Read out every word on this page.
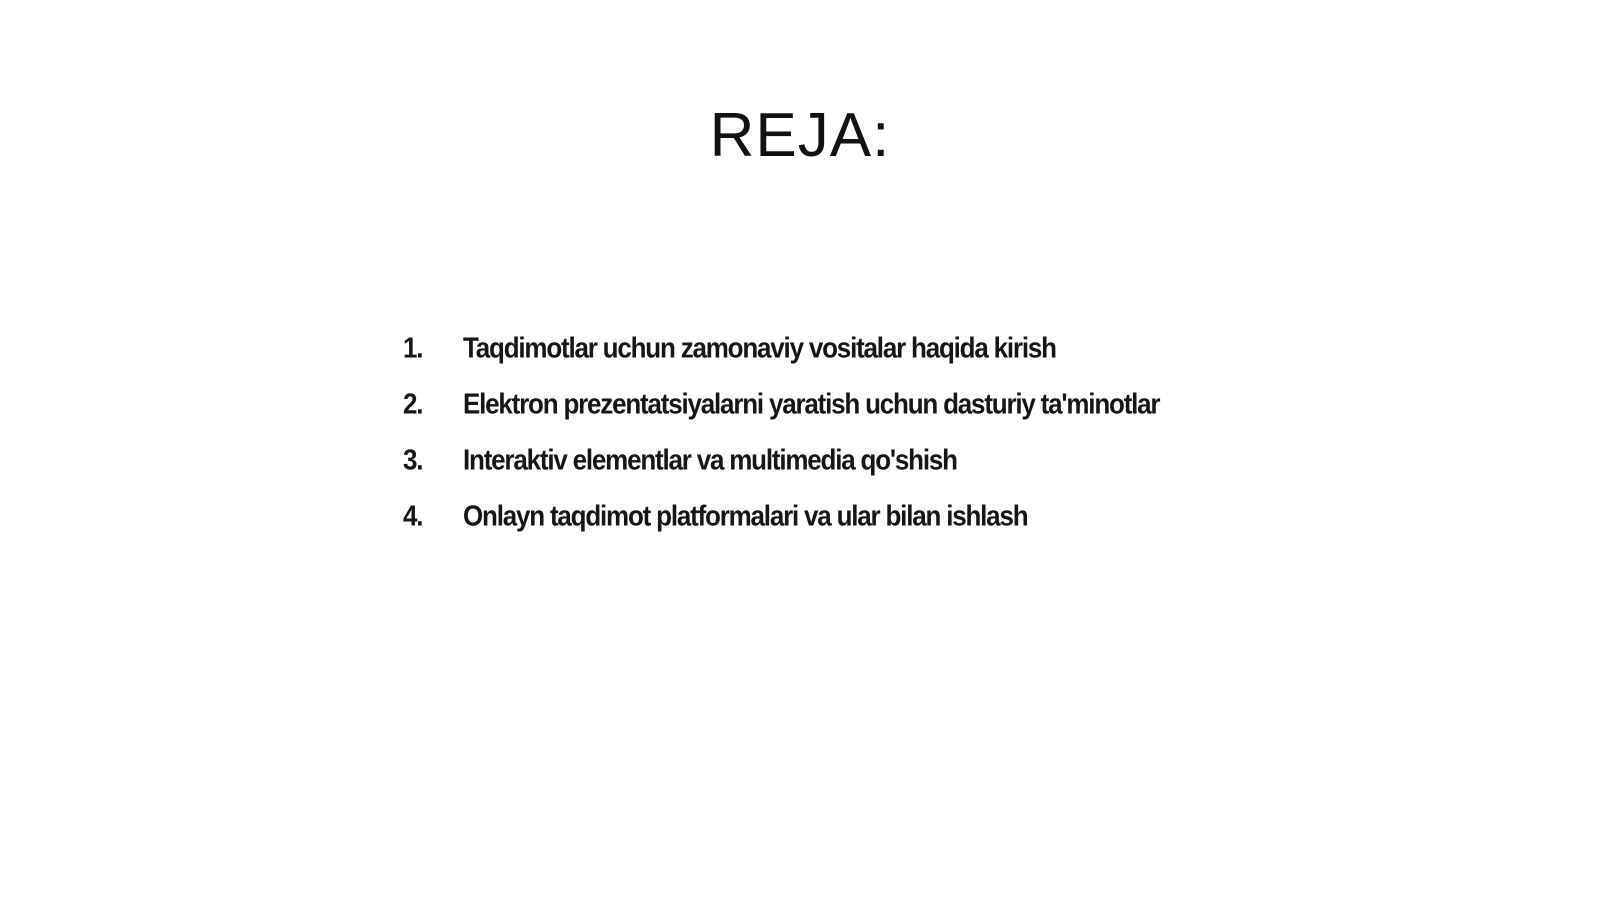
REJA:
1.	Taqdimotlar uchun zamonaviy vositalar haqida kirish
2.	Elektron prezentatsiyalarni yaratish uchun dasturiy ta'minotlar
3.	Interaktiv elementlar va multimedia qo'shish
4.	Onlayn taqdimot platformalari va ular bilan ishlash
